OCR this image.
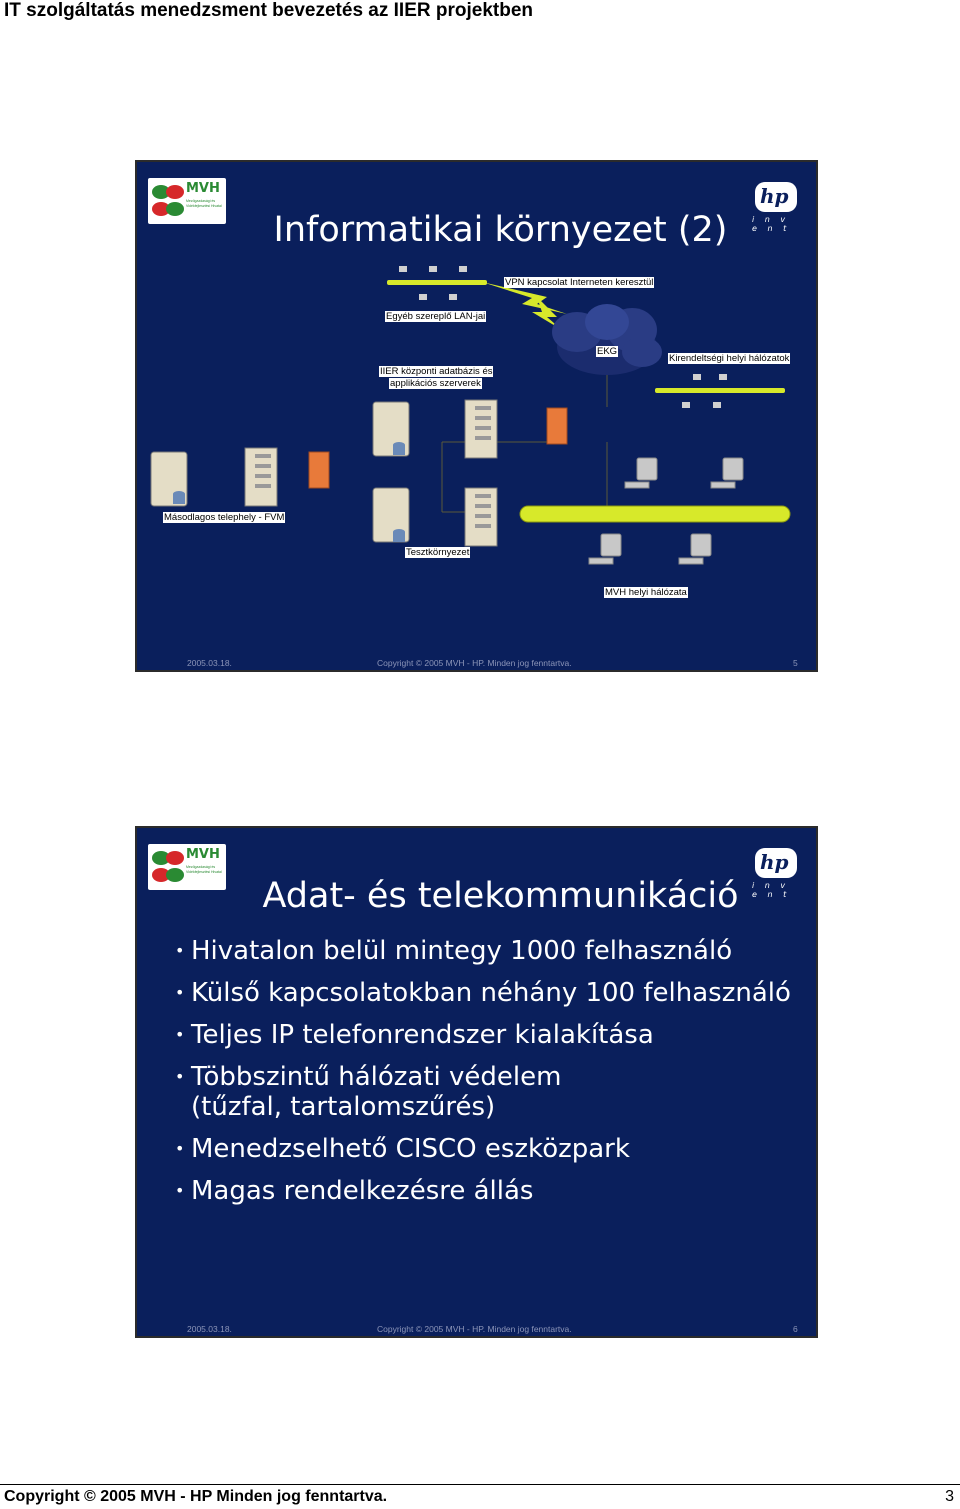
IT szolgáltatás menedzsment bevezetés az IIER projektben
MVH
Mezőgazdasági és Vidékfejlesztési Hivatal	hp
i n v e n t
Informatikai környezet (2)
VPN kapcsolat Interneten keresztül
Egyéb szereplő LAN-jai
IIER központi adatbázis és
applikációs szerverek
EKG
Kirendeltségi helyi hálózatok
Másodlagos telephely - FVM
Tesztkörnyezet
MVH helyi hálózata
2005.03.18.	Copyright © 2005 MVH - HP. Minden jog fenntartva.	5
MVH
Mezőgazdasági és Vidékfejlesztési Hivatal	hp
i n v e n t
Adat- és telekommunikáció
• Hivatalon belül mintegy 1000 felhasználó
• Külső kapcsolatokban néhány 100 felhasználó
• Teljes IP telefonrendszer kialakítása
• Többszintű hálózati védelem
(tűzfal, tartalomszűrés)
• Menedzselhető CISCO eszközpark
• Magas rendelkezésre állás
2005.03.18.	Copyright © 2005 MVH - HP. Minden jog fenntartva.	6
Copyright © 2005 MVH - HP Minden jog fenntartva.	3
